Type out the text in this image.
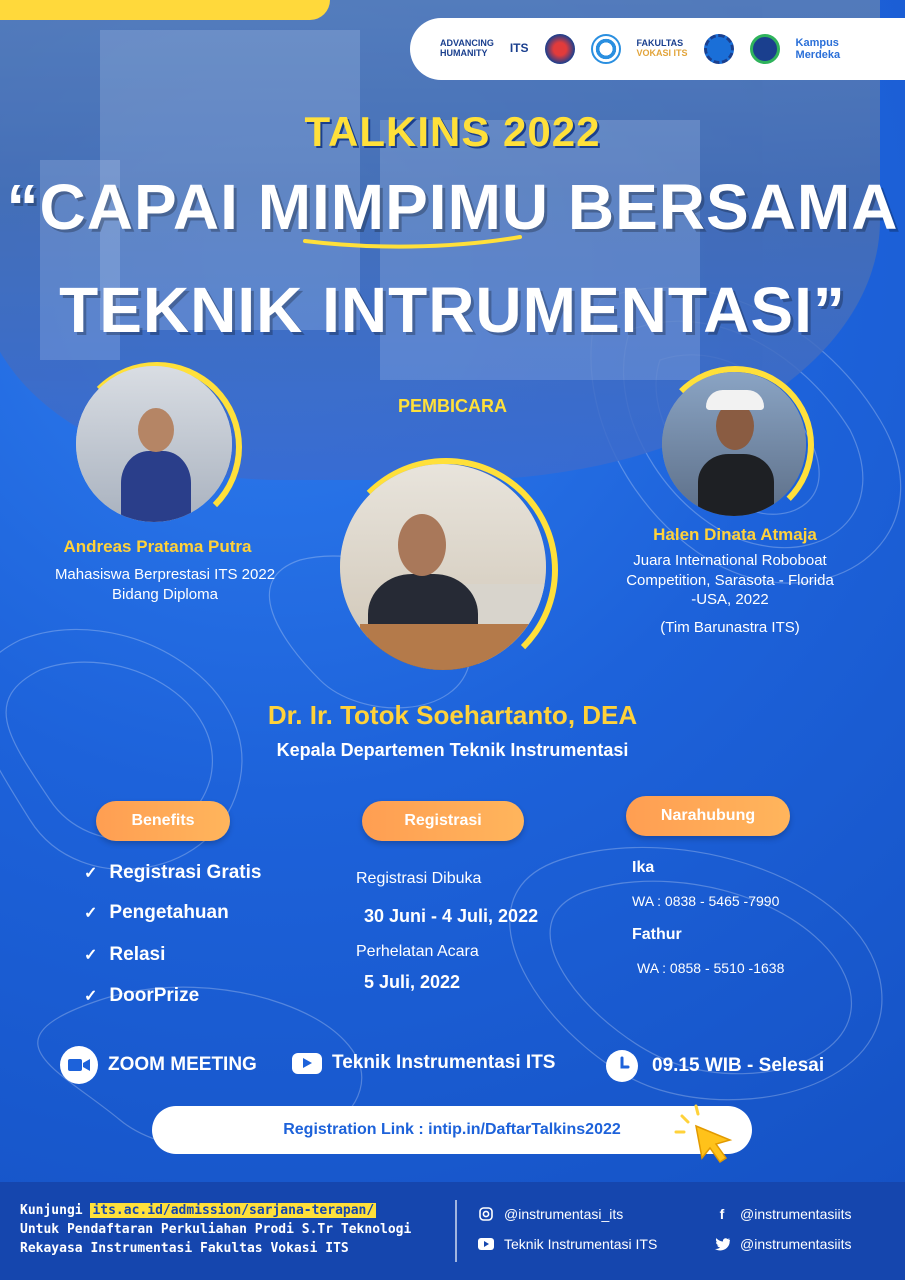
ADVANCING
HUMANITY	ITS	FAKULTAS
VOKASI ITS
Kampus
Merdeka
TALKINS 2022
“CAPAI MIMPIMU BERSAMA
TEKNIK INTRUMENTASI”
PEMBICARA
Andreas Pratama Putra
Mahasiswa Berprestasi ITS 2022
Bidang Diploma
Dr. Ir. Totok Soehartanto, DEA
Kepala Departemen Teknik Instrumentasi
Halen Dinata Atmaja
Juara International Roboboat
Competition, Sarasota - Florida
-USA, 2022
(Tim Barunastra ITS)
Benefits	Registrasi	Narahubung
✓ Registrasi Gratis
✓ Pengetahuan
✓ Relasi
✓ DoorPrize
Registrasi Dibuka
30 Juni - 4 Juli, 2022
Perhelatan Acara
5 Juli, 2022
Ika
WA : 0838 - 5465 -7990
Fathur
WA : 0858 - 5510 -1638
ZOOM MEETING	Teknik Instrumentasi ITS	09.15 WIB - Selesai
Registration Link : intip.in/DaftarTalkins2022
Kunjungi its.ac.id/admission/sarjana-terapan/
Untuk Pendaftaran Perkuliahan Prodi S.Tr Teknologi
Rekayasa Instrumentasi Fakultas Vokasi ITS
@instrumentasi_its
Teknik Instrumentasi ITS
f	@instrumentasiits
@instrumentasiits
